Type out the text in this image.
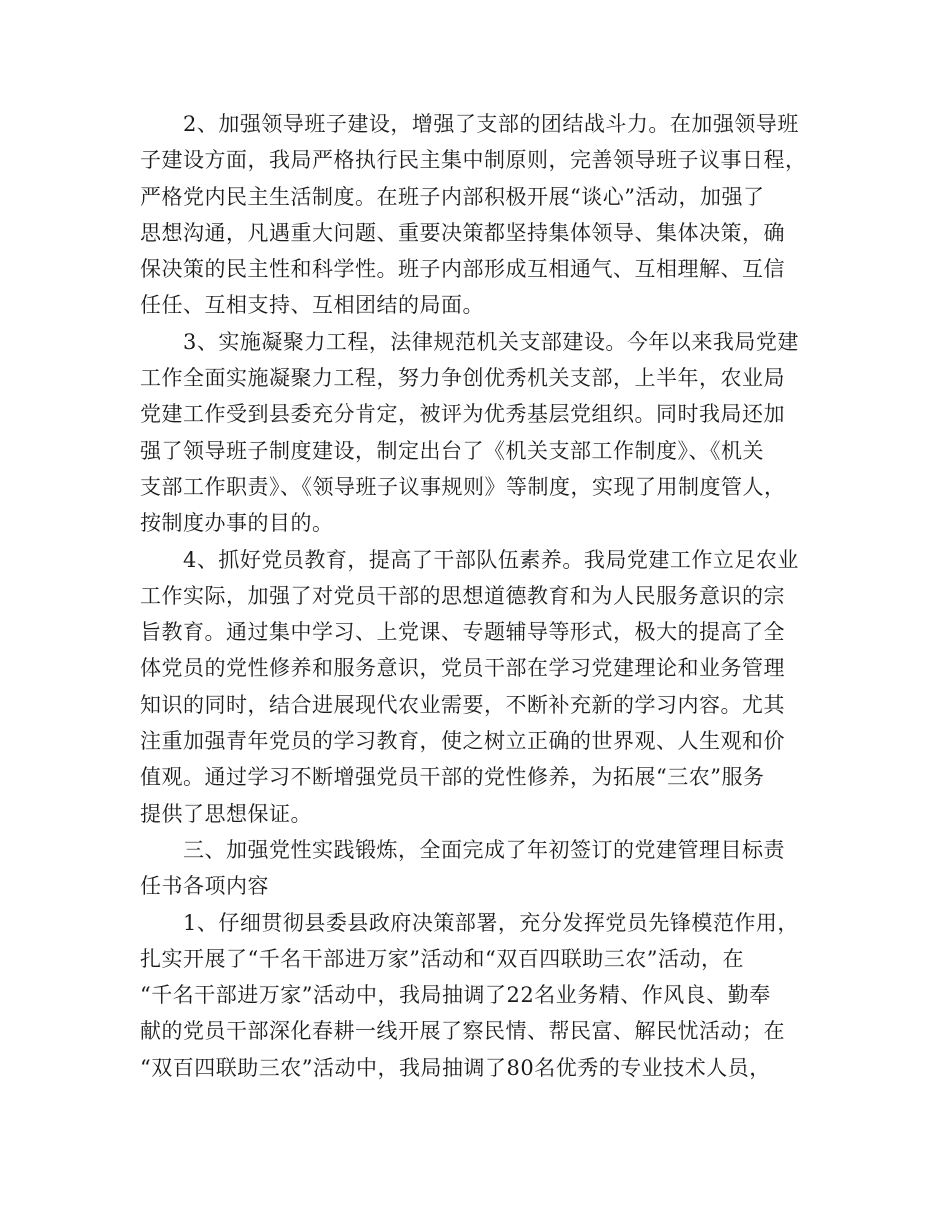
　　2、加强领导班子建设，增强了支部的团结战斗力。在加强领导班
子建设方面，我局严格执行民主集中制原则，完善领导班子议事日程，
严格党内民主生活制度。在班子内部积极开展“谈心”活动，加强了
思想沟通，凡遇重大问题、重要决策都坚持集体领导、集体决策，确
保决策的民主性和科学性。班子内部形成互相通气、互相理解、互信
任任、互相支持、互相团结的局面。

　　3、实施凝聚力工程，法律规范机关支部建设。今年以来我局党建
工作全面实施凝聚力工程，努力争创优秀机关支部，上半年，农业局
党建工作受到县委充分肯定，被评为优秀基层党组织。同时我局还加
强了领导班子制度建设，制定出台了《机关支部工作制度》、《机关
支部工作职责》、《领导班子议事规则》等制度，实现了用制度管人，
按制度办事的目的。

　　4、抓好党员教育，提高了干部队伍素养。我局党建工作立足农业
工作实际，加强了对党员干部的思想道德教育和为人民服务意识的宗
旨教育。通过集中学习、上党课、专题辅导等形式，极大的提高了全
体党员的党性修养和服务意识，党员干部在学习党建理论和业务管理
知识的同时，结合进展现代农业需要，不断补充新的学习内容。尤其
注重加强青年党员的学习教育，使之树立正确的世界观、人生观和价
值观。通过学习不断增强党员干部的党性修养，为拓展“三农”服务
提供了思想保证。

　　三、加强党性实践锻炼，全面完成了年初签订的党建管理目标责
任书各项内容

　　1、仔细贯彻县委县政府决策部署，充分发挥党员先锋模范作用，
扎实开展了“千名干部进万家”活动和“双百四联助三农”活动，在
“千名干部进万家”活动中，我局抽调了22名业务精、作风良、勤奉
献的党员干部深化春耕一线开展了察民情、帮民富、解民忧活动；在
“双百四联助三农”活动中，我局抽调了80名优秀的专业技术人员，
